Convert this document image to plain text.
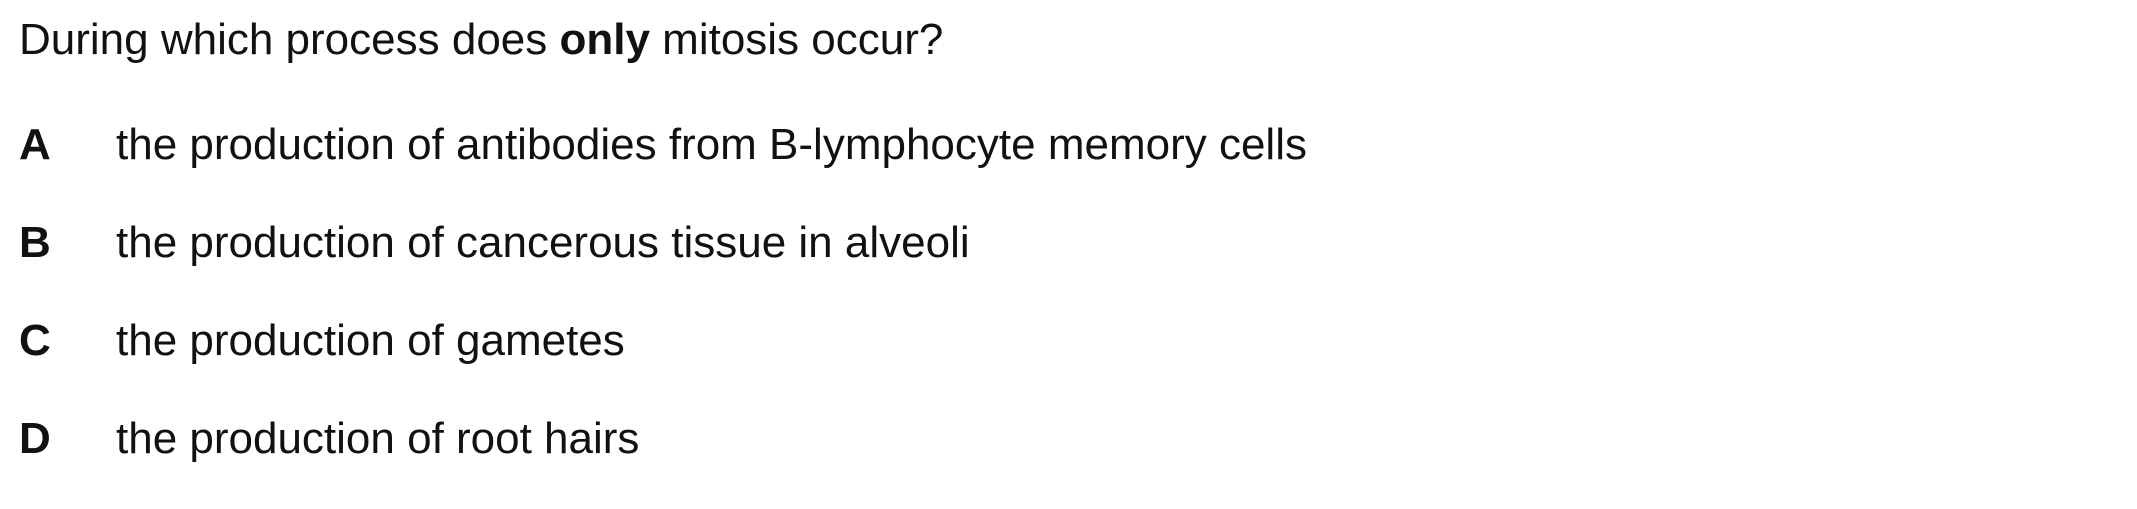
During which process does only mitosis occur?
A	the production of antibodies from B-lymphocyte memory cells
B	the production of cancerous tissue in alveoli
C	the production of gametes
D	the production of root hairs
